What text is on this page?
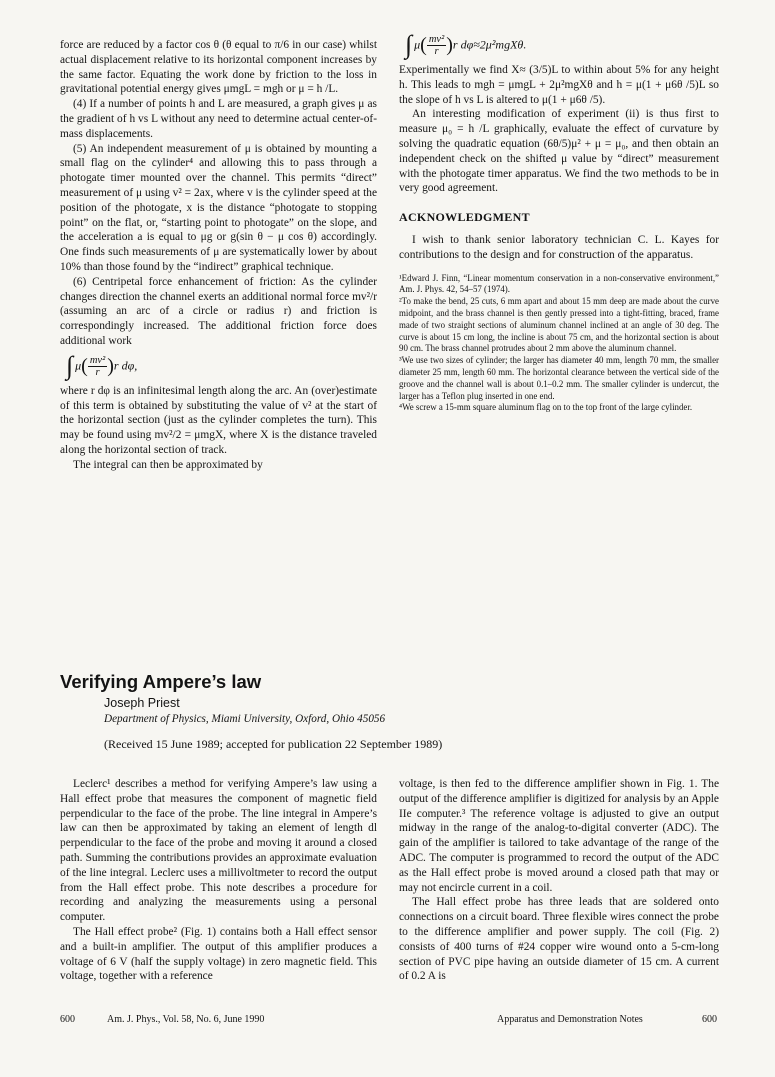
force are reduced by a factor cos θ (θ equal to π/6 in our case) whilst actual displacement relative to its horizontal component increases by the same factor. Equating the work done by friction to the loss in gravitational potential energy gives μmgL = mgh or μ = h /L.

(4) If a number of points h and L are measured, a graph gives μ as the gradient of h vs L without any need to determine actual center-of-mass displacements.

(5) An independent measurement of μ is obtained by mounting a small flag on the cylinder⁴ and allowing this to pass through a photogate timer mounted over the channel. This permits “direct” measurement of μ using v² = 2ax, where v is the cylinder speed at the position of the photogate, x is the distance “photogate to stopping point” on the flat, or, “starting point to photogate” on the slope, and the acceleration a is equal to μg or g(sin θ − μ cos θ) accordingly. One finds such measurements of μ are systematically lower by about 10% than those found by the “indirect” graphical technique.

(6) Centripetal force enhancement of friction: As the cylinder changes direction the channel exerts an additional normal force mv²/r (assuming an arc of a circle or radius r) and friction is correspondingly increased. The additional friction force does additional work

∫ $\mu( \frac{\text{mv²}}{r} )r$ dφ,

where r dφ is an infinitesimal length along the arc. An (over)estimate of this term is obtained by substituting the value of v² at the start of the horizontal section (just as the cylinder completes the turn). This may be found using mv²/2 = μmgX, where X is the distance traveled along the horizontal section of track.

The integral can then be approximated by

∫ $\mu( \frac{\text{mv²}}{r} )r$ dφ≈2μ²mgXθ.

Experimentally we find X≈ (3/5)L to within about 5% for any height h. This leads to mgh = μmgL + 2μ²mgXθ and h = μ(1 + μ6θ /5)L so the slope of h vs L is altered to μ(1 + μ6θ /5).

An interesting modification of experiment (ii) is thus first to measure μ₀ = h /L graphically, evaluate the effect of curvature by solving the quadratic equation (6θ/5)μ² + μ = μ₀, and then obtain an independent check on the shifted μ value by “direct” measurement with the photogate timer apparatus. We find the two methods to be in very good agreement.

ACKNOWLEDGMENT

I wish to thank senior laboratory technician C. L. Kayes for contributions to the design and for construction of the apparatus.

¹Edward J. Finn, “Linear momentum conservation in a non-conservative environment,” Am. J. Phys. 42, 54–57 (1974).

²To make the bend, 25 cuts, 6 mm apart and about 15 mm deep are made about the curve midpoint, and the brass channel is then gently pressed into a tight-fitting, braced, frame made of two straight sections of aluminum channel inclined at an angle of 30 deg. The curve is about 15 cm long, the incline is about 75 cm, and the horizontal section is about 90 cm. The brass channel protrudes about 2 mm above the aluminum channel.

³We use two sizes of cylinder; the larger has diameter 40 mm, length 70 mm, the smaller diameter 25 mm, length 60 mm. The horizontal clearance between the vertical side of the groove and the channel wall is about 0.1–0.2 mm. The smaller cylinder is undercut, the larger has a Teflon plug inserted in one end.

⁴We screw a 15-mm square aluminum flag on to the top front of the large cylinder.

Verifying Ampere’s law
Joseph Priest
Department of Physics, Miami University, Oxford, Ohio 45056
(Received 15 June 1989; accepted for publication 22 September 1989)

Leclerc¹ describes a method for verifying Ampere’s law using a Hall effect probe that measures the component of magnetic field perpendicular to the face of the probe. The line integral in Ampere’s law can then be approximated by taking an element of length dl perpendicular to the face of the probe and moving it around a closed path. Summing the contributions provides an approximate evaluation of the line integral. Leclerc uses a millivoltmeter to record the output from the Hall effect probe. This note describes a procedure for recording and analyzing the measurements using a personal computer.

The Hall effect probe² (Fig. 1) contains both a Hall effect sensor and a built-in amplifier. The output of this amplifier produces a voltage of 6 V (half the supply voltage) in zero magnetic field. This voltage, together with a reference

voltage, is then fed to the difference amplifier shown in Fig. 1. The output of the difference amplifier is digitized for analysis by an Apple IIe computer.³ The reference voltage is adjusted to give an output midway in the range of the analog-to-digital converter (ADC). The gain of the amplifier is tailored to take advantage of the range of the ADC. The computer is programmed to record the output of the ADC as the Hall effect probe is moved around a closed path that may or may not encircle current in a coil.

The Hall effect probe has three leads that are soldered onto connections on a circuit board. Three flexible wires connect the probe to the difference amplifier and power supply. The coil (Fig. 2) consists of 400 turns of #24 copper wire wound onto a 5-cm-long section of PVC pipe having an outside diameter of 15 cm. A current of 0.2 A is

600	Am. J. Phys., Vol. 58, No. 6, June 1990	Apparatus and Demonstration Notes	600
